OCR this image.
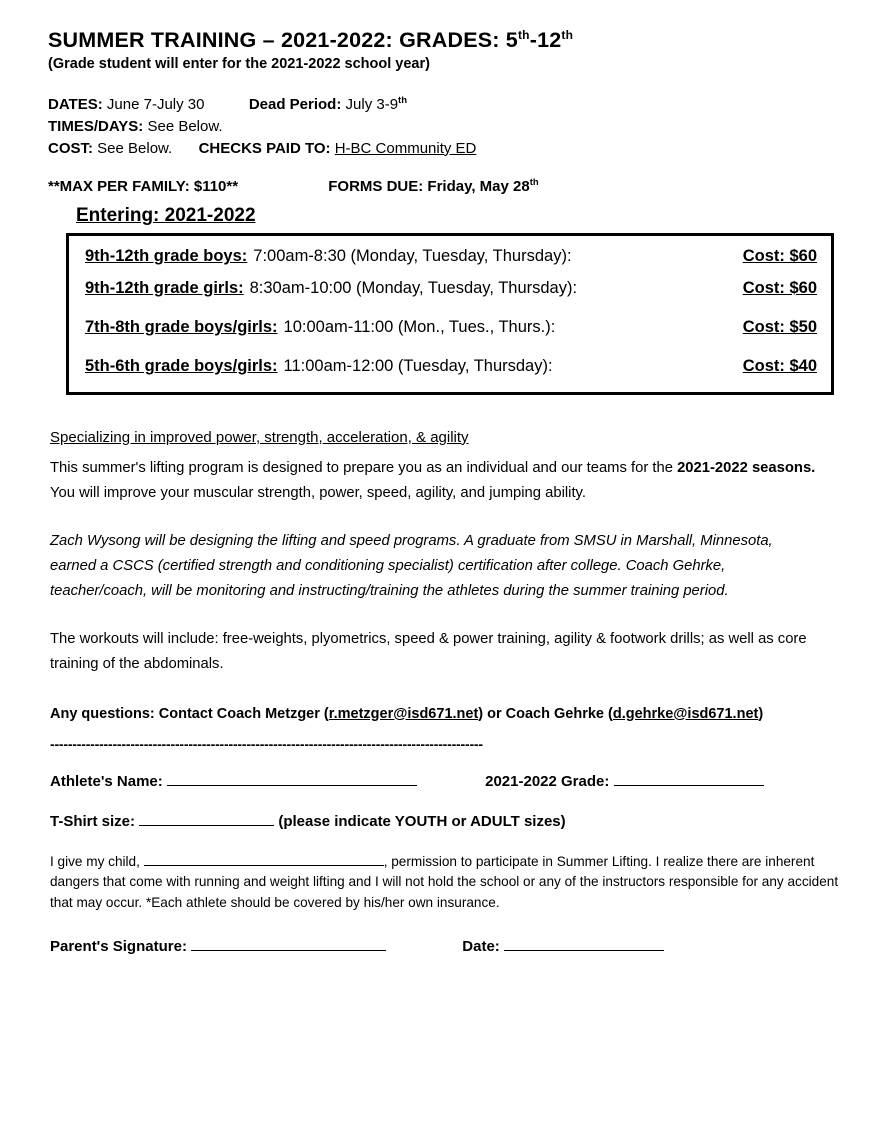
SUMMER TRAINING – 2021-2022: GRADES: 5th-12th
(Grade student will enter for the 2021-2022 school year)
DATES: June 7-July 30	Dead Period: July 3-9th
TIMES/DAYS: See Below.
COST: See Below. CHECKS PAID TO: H-BC Community ED
**MAX PER FAMILY: $110**	FORMS DUE: Friday, May 28th
Entering: 2021-2022
9th-12th grade boys: 7:00am-8:30 (Monday, Tuesday, Thursday):	Cost: $60
9th-12th grade girls: 8:30am-10:00 (Monday, Tuesday, Thursday):	Cost: $60
7th-8th grade boys/girls: 10:00am-11:00 (Mon., Tues., Thurs.):	Cost: $50
5th-6th grade boys/girls: 11:00am-12:00 (Tuesday, Thursday):	Cost: $40
Specializing in improved power, strength, acceleration, & agility
This summer's lifting program is designed to prepare you as an individual and our teams for the 2021-2022 seasons. You will improve your muscular strength, power, speed, agility, and jumping ability.
Zach Wysong will be designing the lifting and speed programs. A graduate from SMSU in Marshall, Minnesota, earned a CSCS (certified strength and conditioning specialist) certification after college. Coach Gehrke, teacher/coach, will be monitoring and instructing/training the athletes during the summer training period.
The workouts will include: free-weights, plyometrics, speed & power training, agility & footwork drills; as well as core training of the abdominals.
Any questions: Contact Coach Metzger (r.metzger@isd671.net) or Coach Gehrke (d.gehrke@isd671.net)
-------------------------------------------------------------------------------------------------
Athlete's Name:	2021-2022 Grade:
T-Shirt size:	(please indicate YOUTH or ADULT sizes)
I give my child,	, permission to participate in Summer Lifting. I realize there are inherent dangers that come with running and weight lifting and I will not hold the school or any of the instructors responsible for any accident that may occur. *Each athlete should be covered by his/her own insurance.
Parent's Signature:	Date:
